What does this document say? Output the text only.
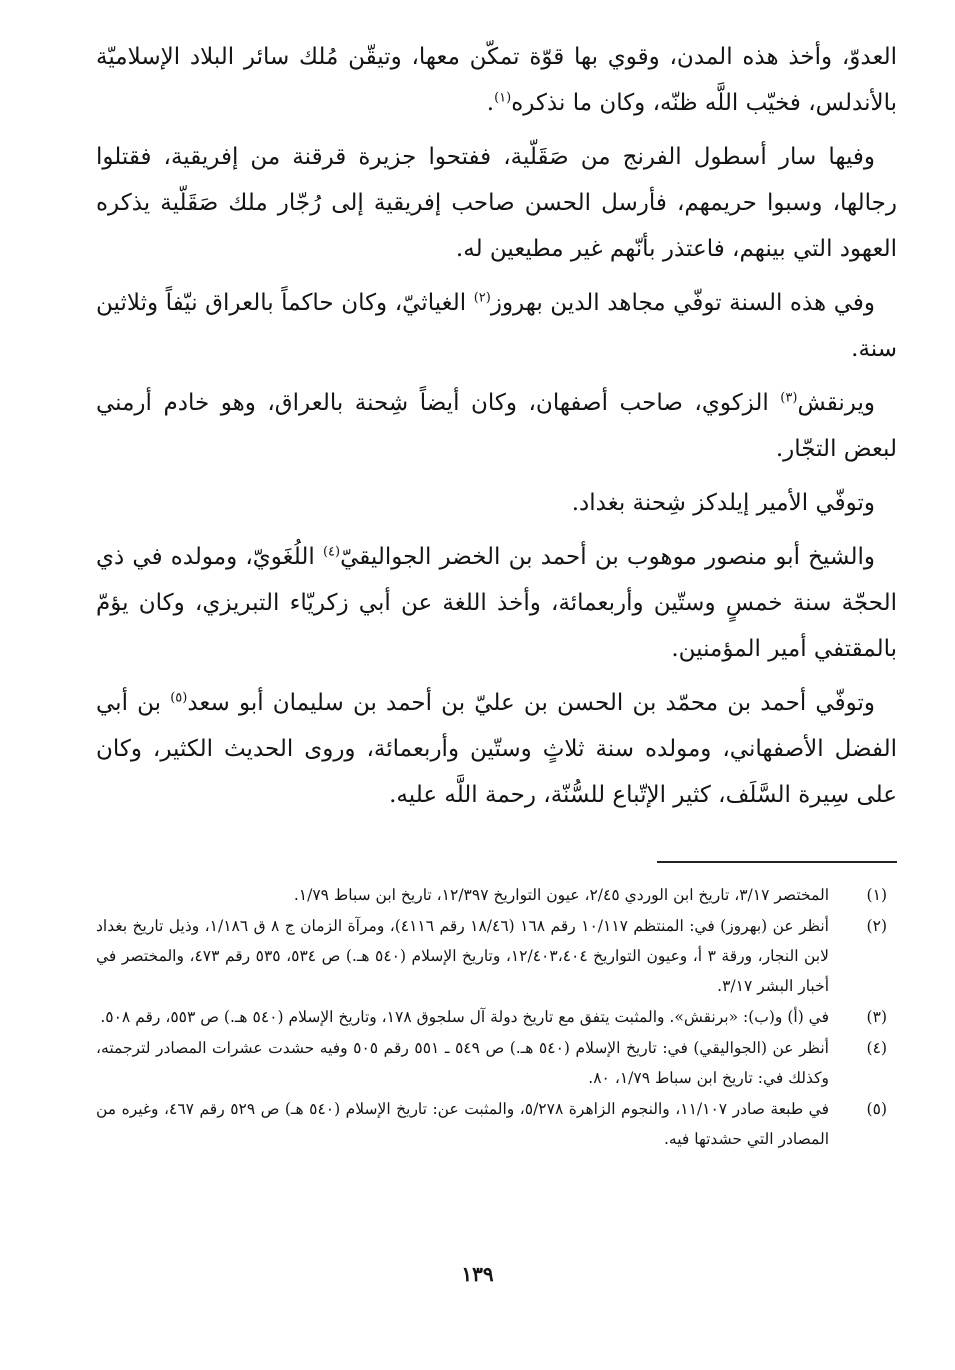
العدوّ، وأخذ هذه المدن، وقوي بها قوّة تمكّن معها، وتيقّن مُلك سائر البلاد الإسلاميّة بالأندلس، فخيّب اللَّه ظنّه، وكان ما نذكره$^{(١)}$.

وفيها سار أسطول الفرنج من صَقَلّية، ففتحوا جزيرة قرقنة من إفريقية، فقتلوا رجالها، وسبوا حريمهم، فأرسل الحسن صاحب إفريقية إلى رُجّار ملك صَقَلّية يذكره العهود التي بينهم، فاعتذر بأنّهم غير مطيعين له.

وفي هذه السنة توفّي مجاهد الدين بهروز$^{(٢)}$ الغياثيّ، وكان حاكماً بالعراق نيّفاً وثلاثين سنة.

ويرنقش$^{(٣)}$ الزكوي، صاحب أصفهان، وكان أيضاً شِحنة بالعراق، وهو خادم أرمني لبعض التجّار.

وتوفّي الأمير إيلدكز شِحنة بغداد.

والشيخ أبو منصور موهوب بن أحمد بن الخضر الجواليقيّ$^{(٤)}$ اللُغَويّ، ومولده في ذي الحجّة سنة خمسٍ وستّين وأربعمائة، وأخذ اللغة عن أبي زكريّاء التبريزي، وكان يؤمّ بالمقتفي أمير المؤمنين.

وتوفّي أحمد بن محمّد بن الحسن بن عليّ بن أحمد بن سليمان أبو سعد$^{(٥)}$ بن أبي الفضل الأصفهاني، ومولده سنة ثلاثٍ وستّين وأربعمائة، وروى الحديث الكثير، وكان على سِيرة السَّلَف، كثير الإتّباع للسُّنّة، رحمة اللَّه عليه.

(١)
المختصر ٣/١٧، تاريخ ابن الوردي ٢/٤٥، عيون التواريخ ١٢/٣٩٧، تاريخ ابن سباط ١/٧٩.
(٢)
أنظر عن (بهروز) في: المنتظم ١٠/١١٧ رقم ١٦٨ (١٨/٤٦ رقم ٤١١٦)، ومرآة الزمان ج ٨ ق ١/١٨٦، وذيل تاريخ بغداد لابن النجار، ورقة ٣ أ، وعيون التواريخ ١٢/٤٠٣،٤٠٤، وتاريخ الإسلام (٥٤٠ هـ.) ص ٥٣٤، ٥٣٥ رقم ٤٧٣، والمختصر في أخبار البشر ٣/١٧.
(٣)
في (أ) و(ب): «برنقش». والمثبت يتفق مع تاريخ دولة آل سلجوق ١٧٨، وتاريخ الإسلام (٥٤٠ هـ.) ص ٥٥٣، رقم ٥٠٨.
(٤)
أنظر عن (الجواليقي) في: تاريخ الإسلام (٥٤٠ هـ.) ص ٥٤٩ ـ ٥٥١ رقم ٥٠٥ وفيه حشدت عشرات المصادر لترجمته، وكذلك في: تاريخ ابن سباط ١/٧٩، ٨٠.
(٥)
في طبعة صادر ١١/١٠٧، والنجوم الزاهرة ٥/٢٧٨، والمثبت عن: تاريخ الإسلام (٥٤٠ هـ) ص ٥٢٩ رقم ٤٦٧، وغيره من المصادر التي حشدتها فيه.
١٣٩
